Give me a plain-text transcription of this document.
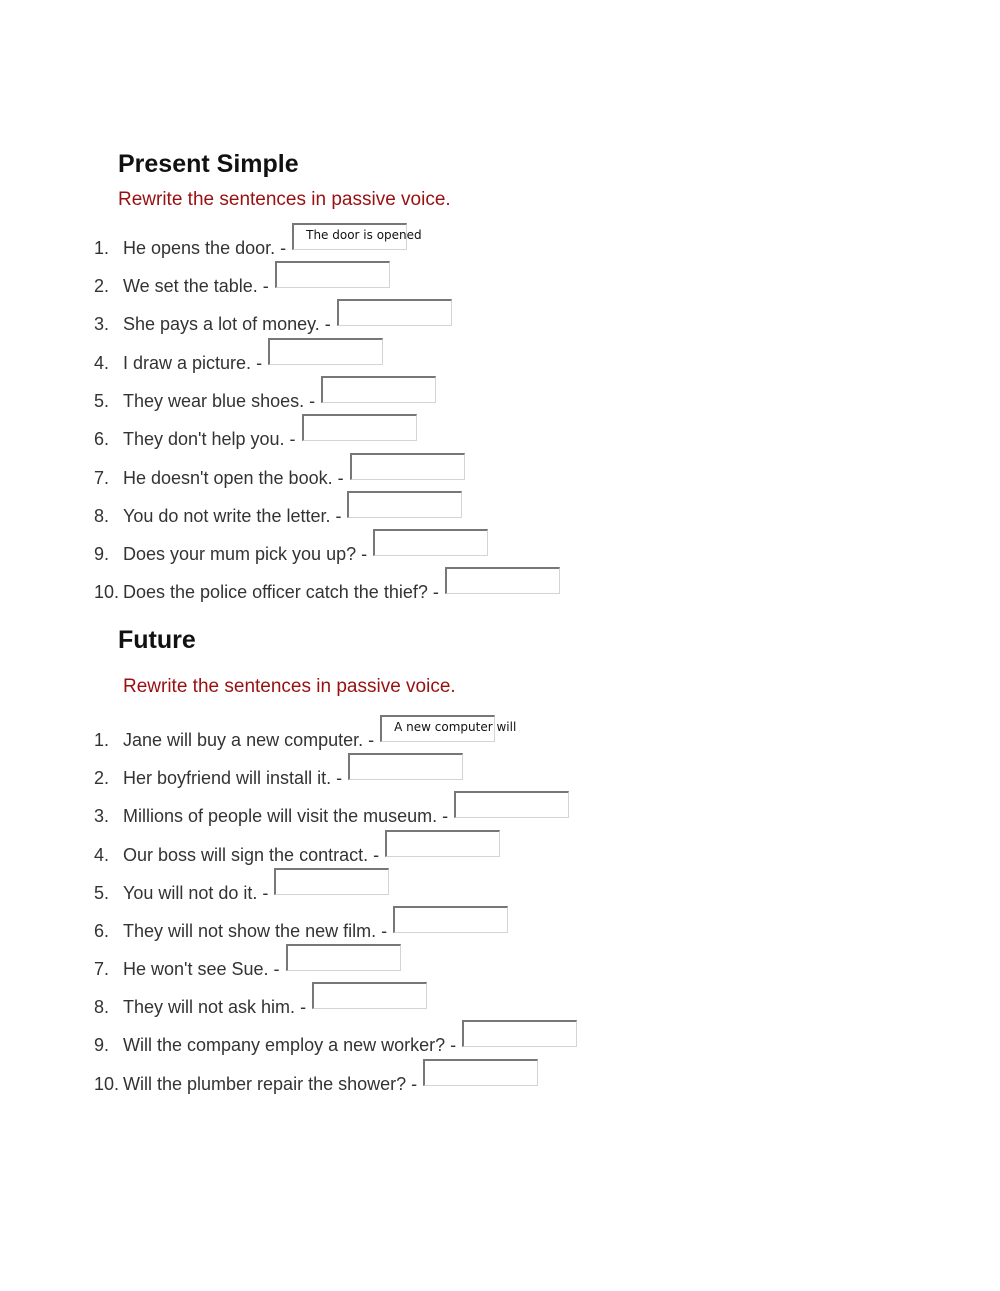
Present Simple
Rewrite the sentences in passive voice.
1. He opens the door. -
The door is opened
2. We set the table. -
3. She pays a lot of money. -
4. I draw a picture. -
5. They wear blue shoes. -
6. They don't help you. -
7. He doesn't open the book. -
8. You do not write the letter. -
9. Does your mum pick you up? -
10. Does the police officer catch the thief? -
Future
Rewrite the sentences in passive voice.
1. Jane will buy a new computer. -
A new computer will
2. Her boyfriend will install it. -
3. Millions of people will visit the museum. -
4. Our boss will sign the contract. -
5. You will not do it. -
6. They will not show the new film. -
7. He won't see Sue. -
8. They will not ask him. -
9. Will the company employ a new worker? -
10. Will the plumber repair the shower? -
